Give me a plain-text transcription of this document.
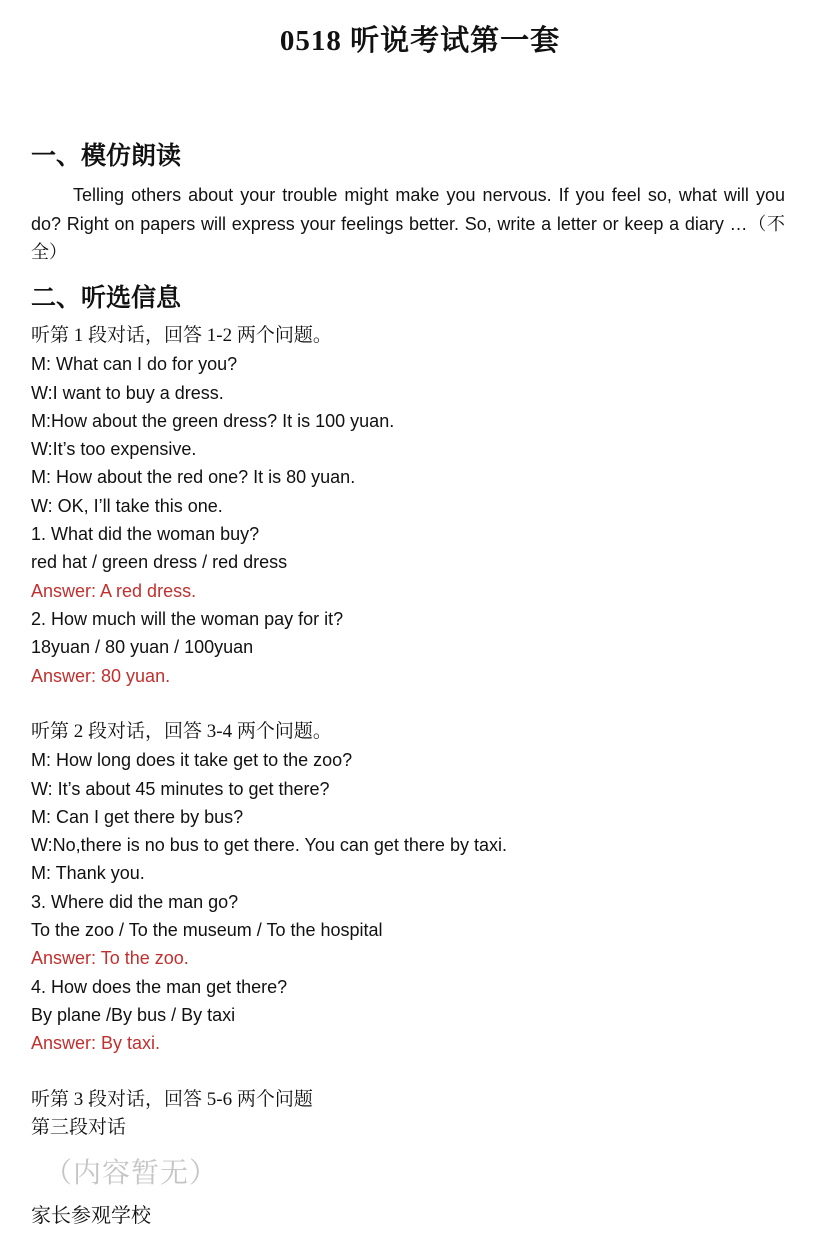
0518 听说考试第一套
一、模仿朗读

Telling others about your trouble might make you nervous. If you feel so, what will you do? Right on papers will express your feelings better. So, write a letter or keep a diary …（不全）

二、听选信息
听第 1 段对话，回答 1-2 两个问题。
M: What can I do for you?
W:I want to buy a dress.
M:How about the green dress? It is 100 yuan.
W:It’s too expensive.
M: How about the red one? It is 80 yuan.
W: OK, I’ll take this one.
1. What did the woman buy?
red hat / green dress / red dress
Answer: A red dress.
2. How much will the woman pay for it?
18yuan / 80 yuan / 100yuan
Answer: 80 yuan.
听第 2 段对话，回答 3-4 两个问题。
M: How long does it take get to the zoo?
W: It’s about 45 minutes to get there?
M: Can I get there by bus?
W:No,there is no bus to get there. You can get there by taxi.
M: Thank you.
3. Where did the man go?
To the zoo / To the museum / To the hospital
Answer: To the zoo.
4. How does the man get there?
By plane /By bus / By taxi
Answer: By taxi.
听第 3 段对话，回答 5-6 两个问题
第三段对话

（内容暂无）

家长参观学校
